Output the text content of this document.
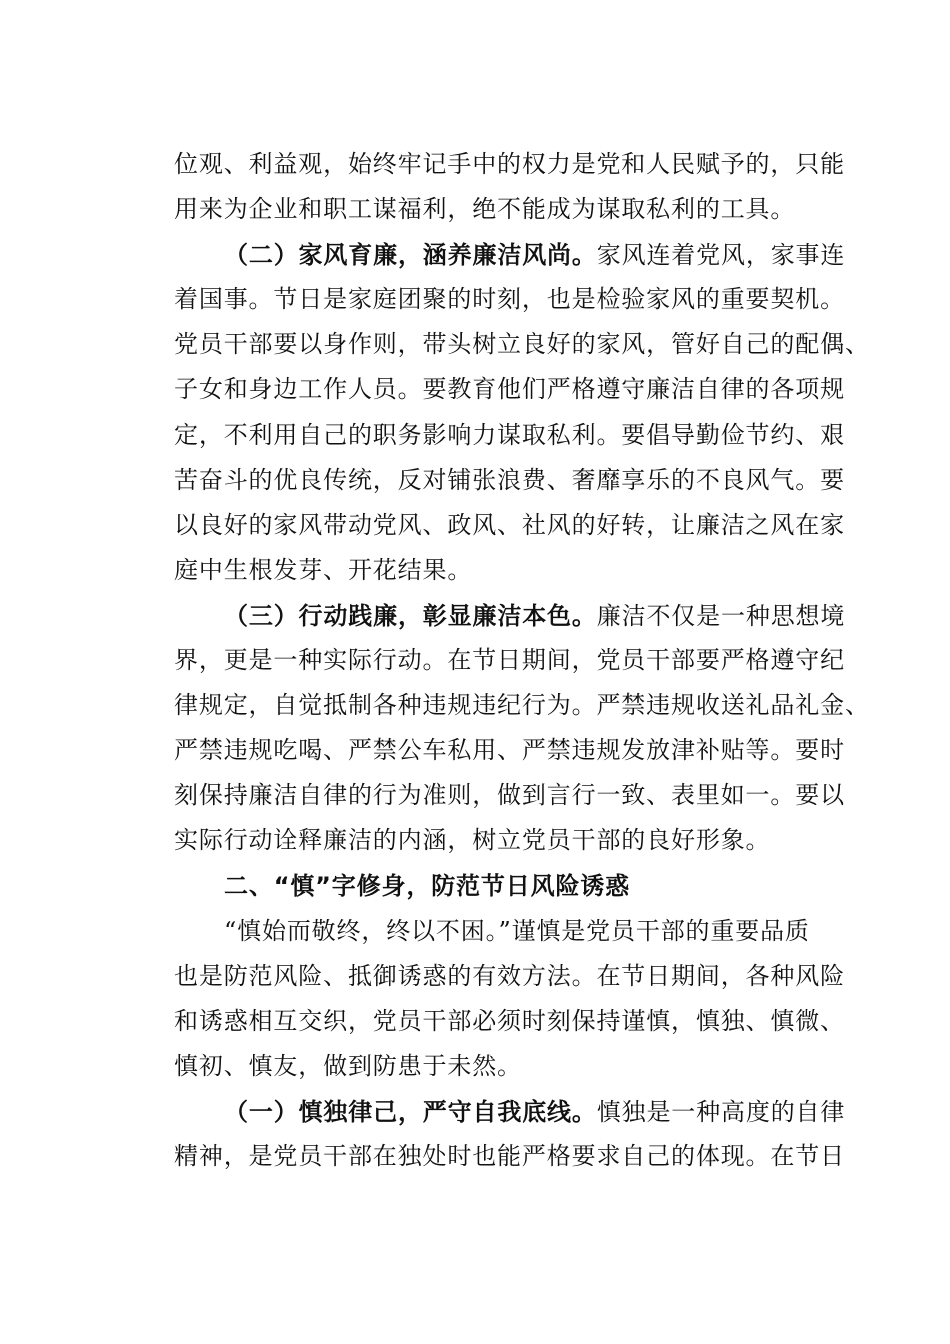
位观、利益观，始终牢记手中的权力是党和人民赋予的，只能
用来为企业和职工谋福利，绝不能成为谋取私利的工具。
（二）家风育廉，涵养廉洁风尚。家风连着党风，家事连
着国事。节日是家庭团聚的时刻，也是检验家风的重要契机。
党员干部要以身作则，带头树立良好的家风，管好自己的配偶、
子女和身边工作人员。要教育他们严格遵守廉洁自律的各项规
定，不利用自己的职务影响力谋取私利。要倡导勤俭节约、艰
苦奋斗的优良传统，反对铺张浪费、奢靡享乐的不良风气。要
以良好的家风带动党风、政风、社风的好转，让廉洁之风在家
庭中生根发芽、开花结果。
（三）行动践廉，彰显廉洁本色。廉洁不仅是一种思想境
界，更是一种实际行动。在节日期间，党员干部要严格遵守纪
律规定，自觉抵制各种违规违纪行为。严禁违规收送礼品礼金、
严禁违规吃喝、严禁公车私用、严禁违规发放津补贴等。要时
刻保持廉洁自律的行为准则，做到言行一致、表里如一。要以
实际行动诠释廉洁的内涵，树立党员干部的良好形象。
二、“慎”字修身，防范节日风险诱惑
“慎始而敬终，终以不困。”谨慎是党员干部的重要品质
也是防范风险、抵御诱惑的有效方法。在节日期间，各种风险
和诱惑相互交织，党员干部必须时刻保持谨慎，慎独、慎微、
慎初、慎友，做到防患于未然。
（一）慎独律己，严守自我底线。慎独是一种高度的自律
精神，是党员干部在独处时也能严格要求自己的体现。在节日
